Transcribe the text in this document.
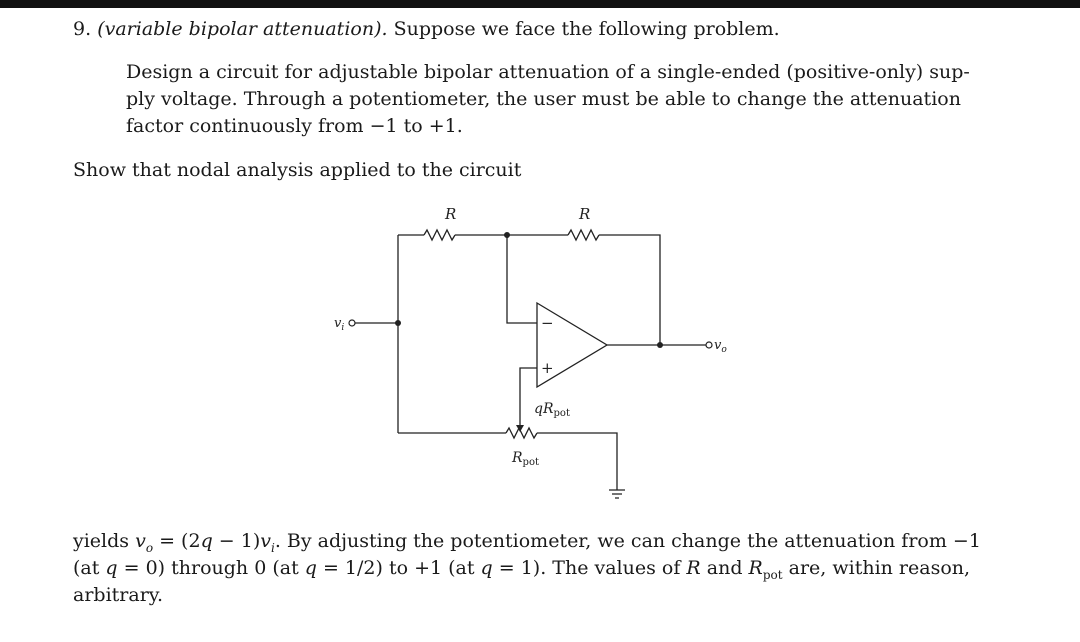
9. (variable bipolar attenuation). Suppose we face the following problem.
Design a circuit for adjustable bipolar attenuation of a single-ended (positive-only) sup-
ply voltage. Through a potentiometer, the user must be able to change the attenuation
factor continuously from −1 to +1.
Show that nodal analysis applied to the circuit
R	R
$v_i$
$v_o$
−
+
$qR_{pot}$
$R_{pot}$
yields $v_o = (2q - 1)v_i$. By adjusting the potentiometer, we can change the attenuation from −1
(at q = 0) through 0 (at q = 1/2) to +1 (at q = 1). The values of R and $R_{pot}$ are, within reason,
arbitrary.
